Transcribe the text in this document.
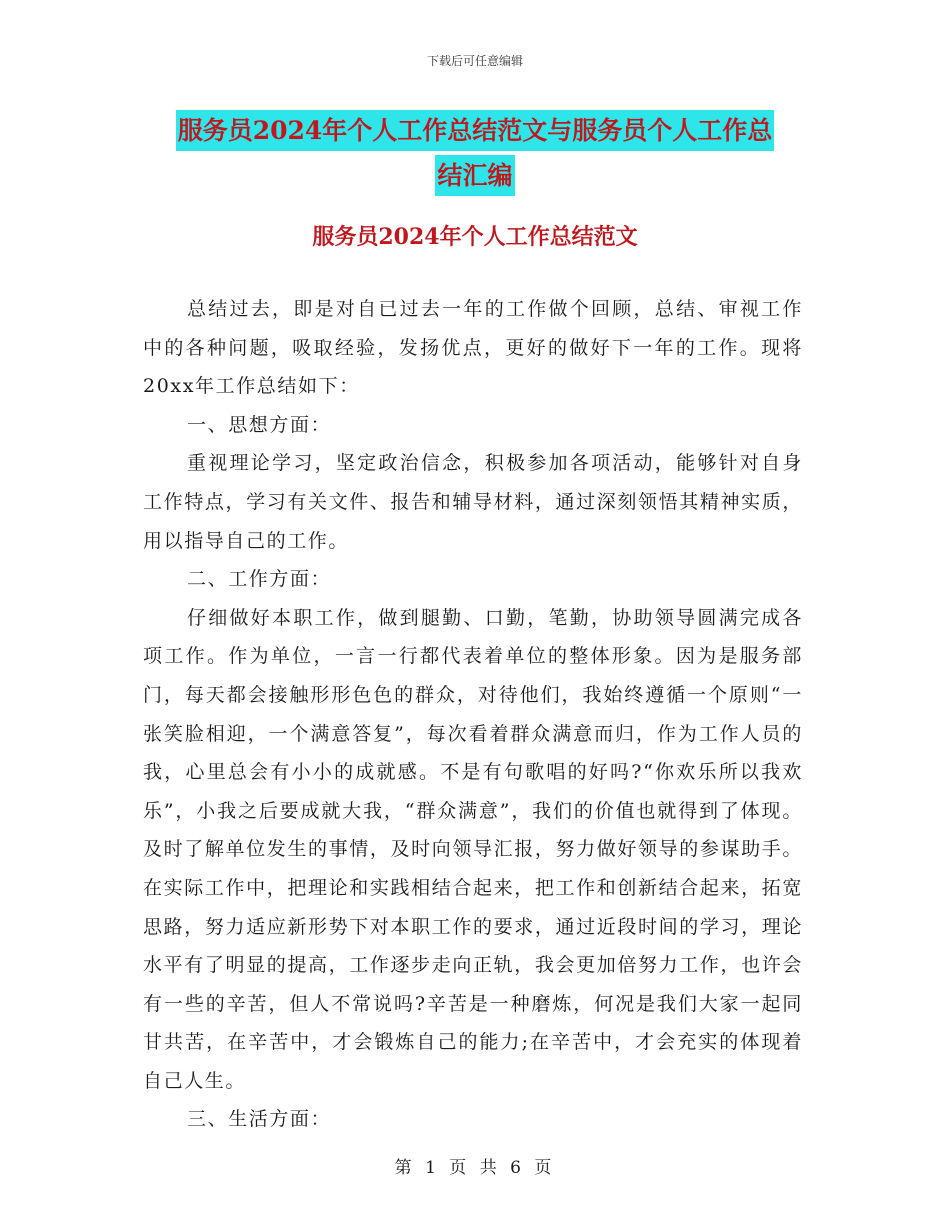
下载后可任意编辑
服务员2024年个人工作总结范文与服务员个人工作总
结汇编
服务员2024年个人工作总结范文

总结过去，即是对自已过去一年的工作做个回顾，总结、审视工作中的各种问题，吸取经验，发扬优点，更好的做好下一年的工作。现将20xx年工作总结如下：

一、思想方面：

重视理论学习，坚定政治信念，积极参加各项活动，能够针对自身工作特点，学习有关文件、报告和辅导材料，通过深刻领悟其精神实质，用以指导自己的工作。

二、工作方面：

仔细做好本职工作，做到腿勤、口勤，笔勤，协助领导圆满完成各项工作。作为单位，一言一行都代表着单位的整体形象。因为是服务部门，每天都会接触形形色色的群众，对待他们，我始终遵循一个原则“一张笑脸相迎，一个满意答复”，每次看着群众满意而归，作为工作人员的我，心里总会有小小的成就感。不是有句歌唱的好吗?“你欢乐所以我欢乐”，小我之后要成就大我，“群众满意”，我们的价值也就得到了体现。及时了解单位发生的事情，及时向领导汇报，努力做好领导的参谋助手。在实际工作中，把理论和实践相结合起来，把工作和创新结合起来，拓宽思路，努力适应新形势下对本职工作的要求，通过近段时间的学习，理论水平有了明显的提高，工作逐步走向正轨，我会更加倍努力工作，也许会有一些的辛苦，但人不常说吗?辛苦是一种磨炼，何况是我们大家一起同甘共苦，在辛苦中，才会锻炼自己的能力;在辛苦中，才会充实的体现着自己人生。

三、生活方面：

第 1 页 共 6 页
